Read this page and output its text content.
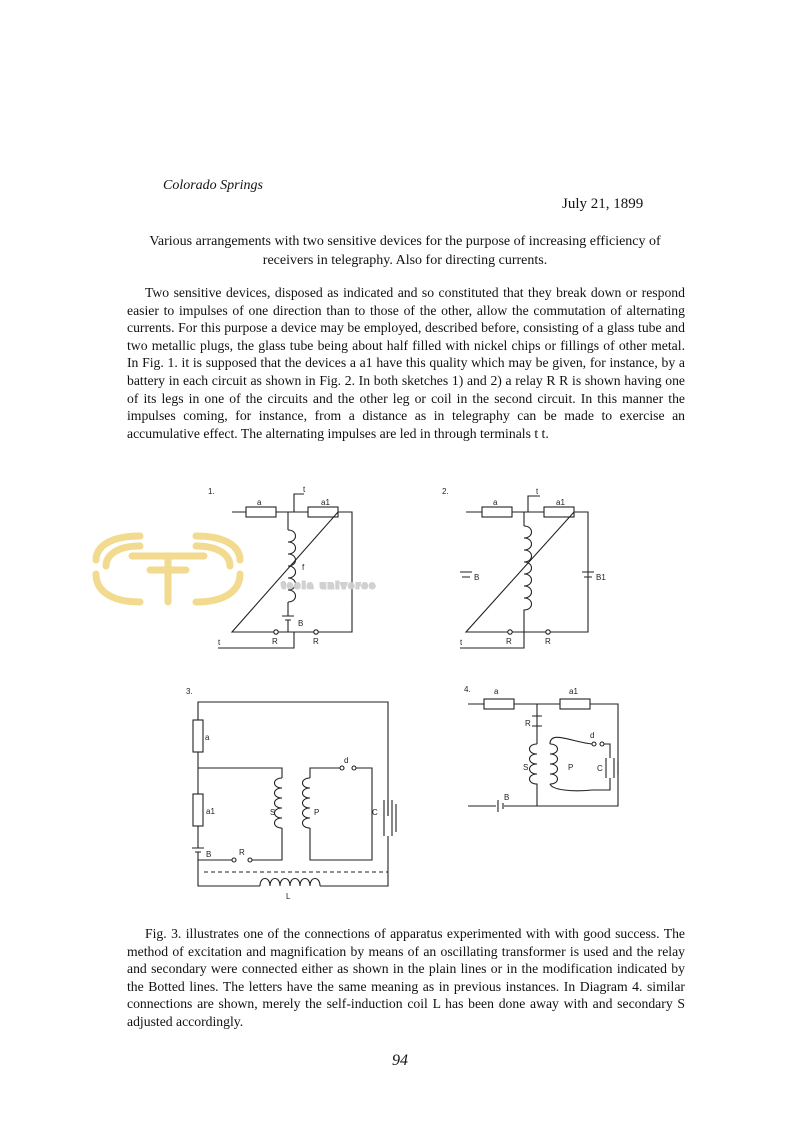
Colorado Springs
July 21, 1899
Various arrangements with two sensitive devices for the purpose of increasing efficiency of receivers in telegraphy. Also for directing currents.

Two sensitive devices, disposed as indicated and so constituted that they break down or respond easier to impulses of one direction than to those of the other, allow the commutation of alternating currents. For this purpose a device may be employed, described before, consisting of a glass tube and two metallic plugs, the glass tube being about half filled with nickel chips or fillings of other metal. In Fig. 1. it is supposed that the devices a a1 have this quality which may be given, for instance, by a battery in each circuit as shown in Fig. 2. In both sketches 1) and 2) a relay R R is shown having one of its legs in one of the circuits and the other leg or coil in the second circuit. In this manner the impulses coming, for instance, from a distance as in telegraphy can be made to exercise an accumulative effect. The alternating impulses are led in through terminals t t.

1.
a	a1
t
f
B
R	R
t
2.
a	a1
t
B	B1
R	R
t
3.
a
a1	S	P
d
C
B	R
L
4.	a	a1
R
S	P
d
C
B
tesla universe

Fig. 3. illustrates one of the connections of apparatus experimented with with good success. The method of excitation and magnification by means of an oscillating transformer is used and the relay and secondary were connected either as shown in the plain lines or in the modification indicated by the Botted lines. The letters have the same meaning as in previous instances. In Diagram 4. similar connections are shown, merely the self-induction coil L has been done away with and secondary S adjusted accordingly.

94
